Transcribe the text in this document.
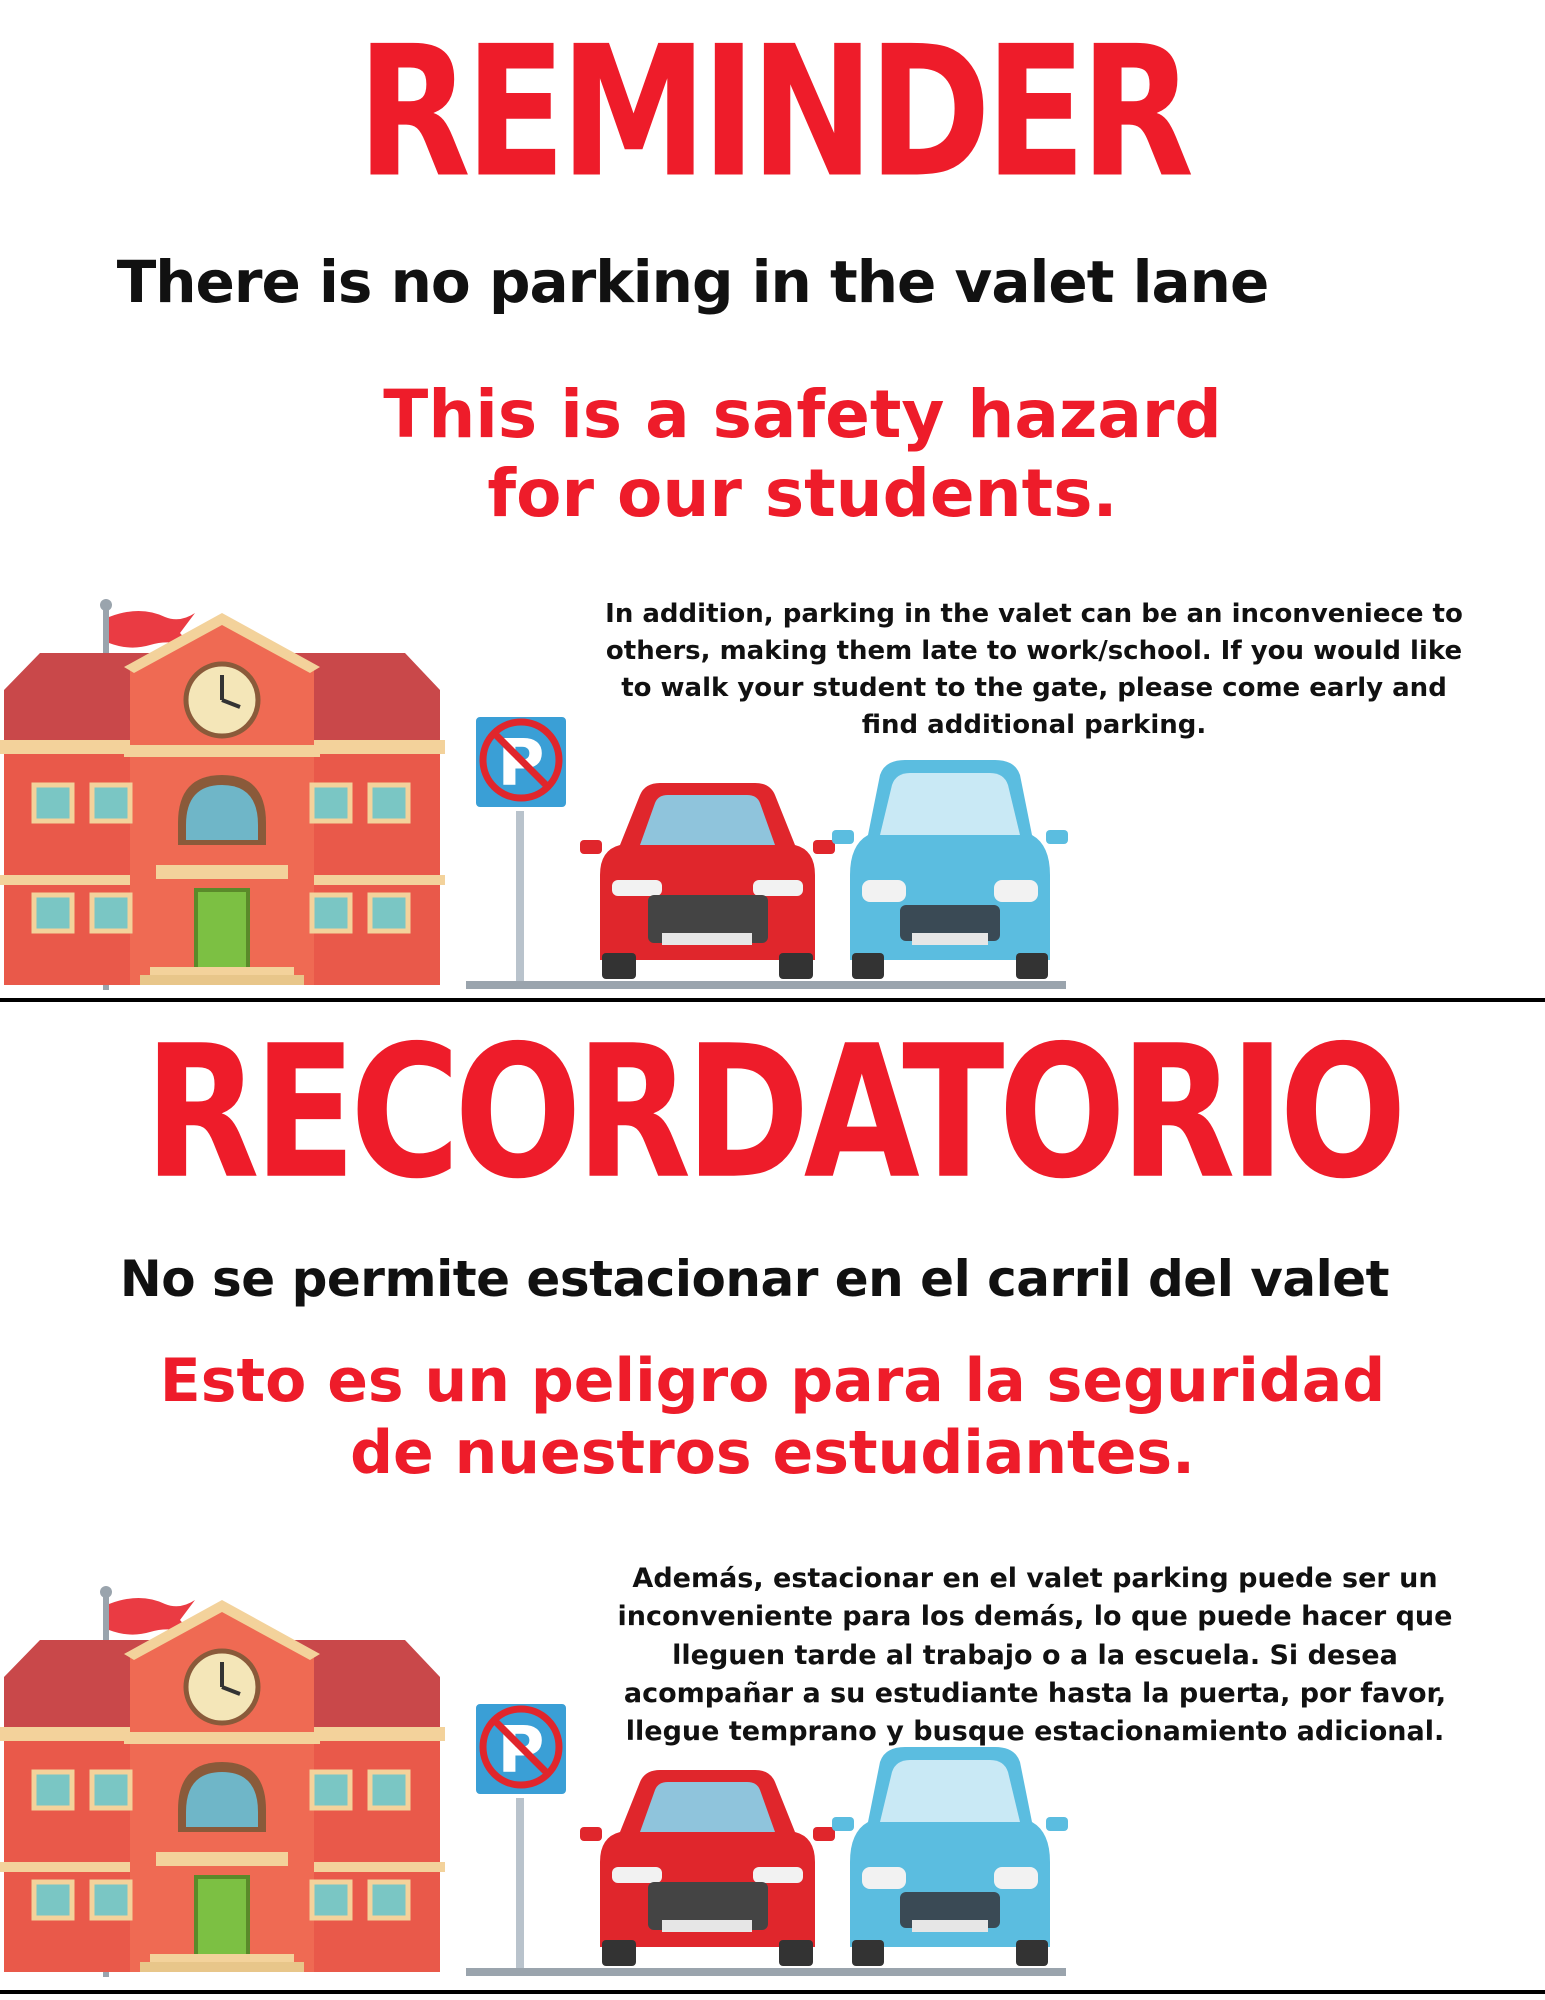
REMINDER

There is no parking in the valet lane

This is a safety hazard
for our students.

In addition, parking in the valet can be an inconveniece to others, making them late to work/school. If you would like to walk your student to the gate, please come early and find additional parking.

RECORDATORIO

No se permite estacionar en el carril del valet

Esto es un peligro para la seguridad
de nuestros estudiantes.

Además, estacionar en el valet parking puede ser un inconveniente para los demás, lo que puede hacer que lleguen tarde al trabajo o a la escuela. Si desea acompañar a su estudiante hasta la puerta, por favor, llegue temprano y busque estacionamiento adicional.
